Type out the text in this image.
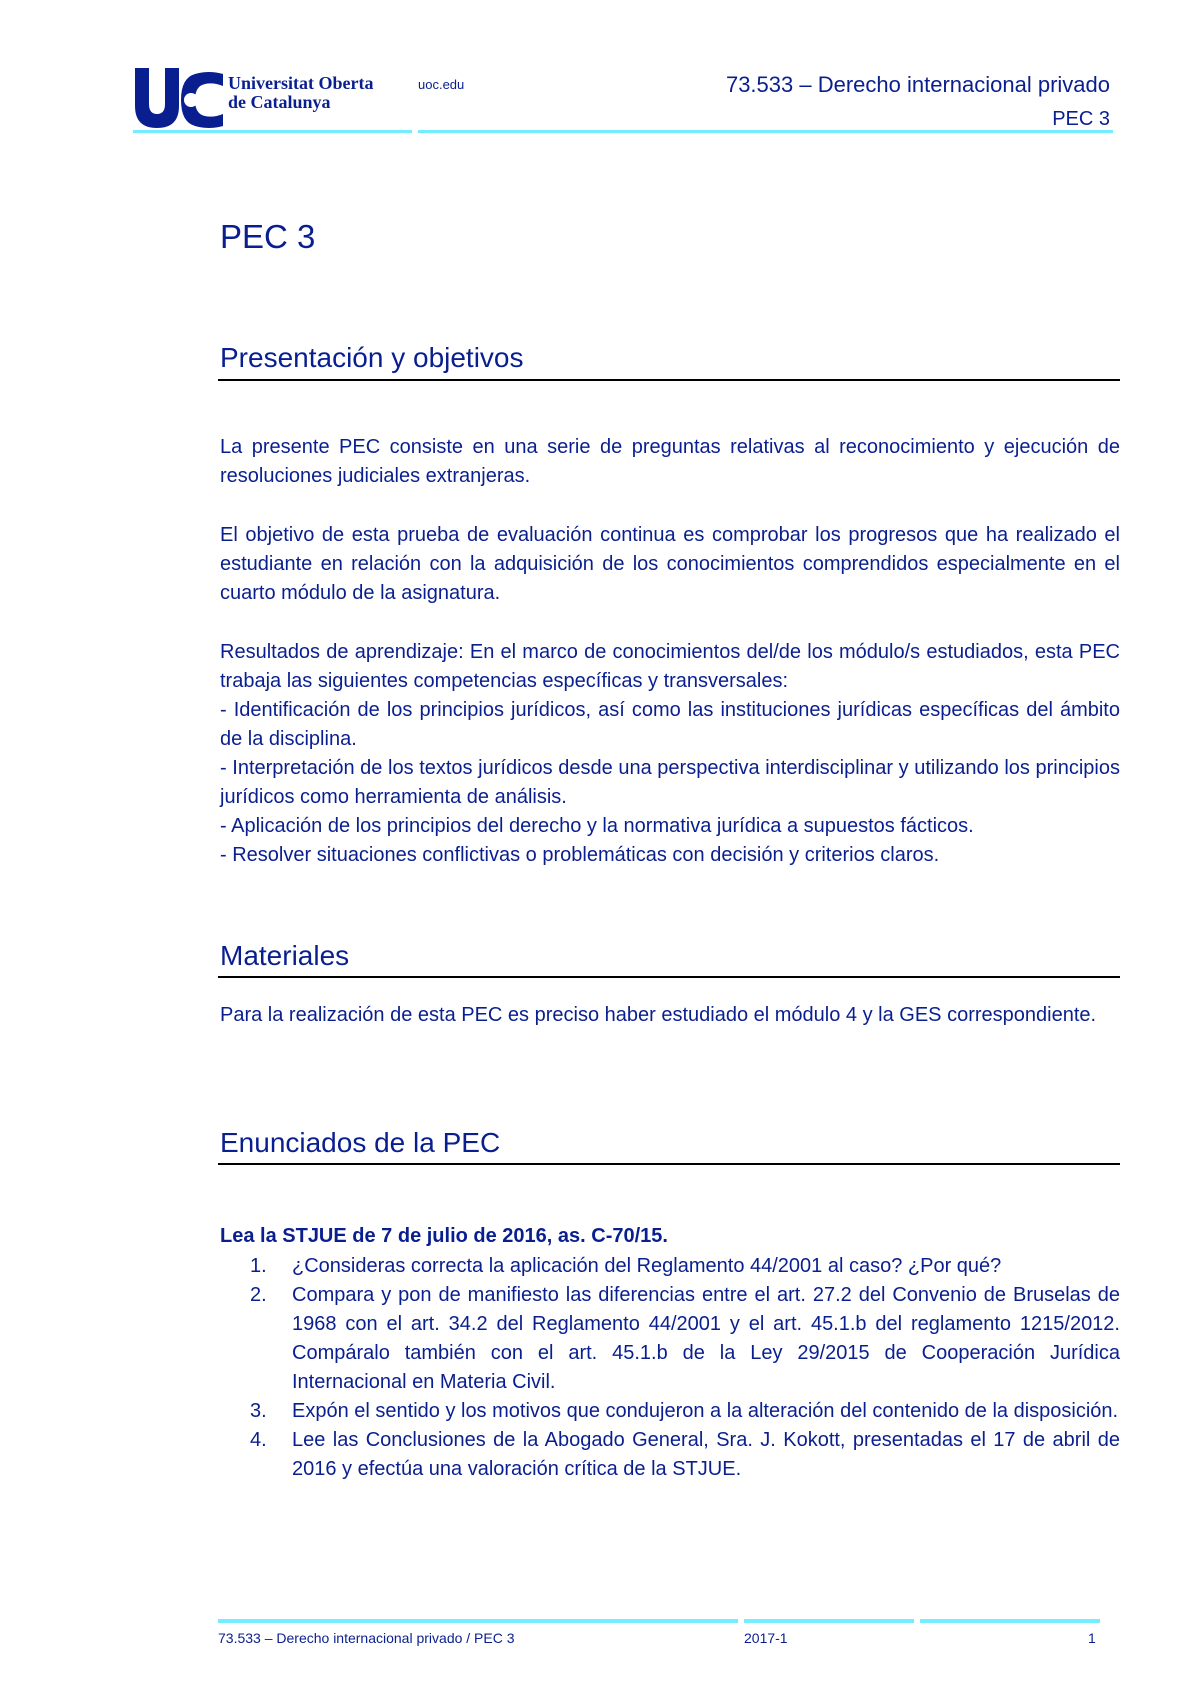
Universitat Oberta
de Catalunya
uoc.edu	73.533 – Derecho internacional privado
PEC 3
PEC 3
Presentación y objetivos
La presente PEC consiste en una serie de preguntas relativas al reconocimiento y ejecución de resoluciones judiciales extranjeras.
El objetivo de esta prueba de evaluación continua es comprobar los progresos que ha realizado el estudiante en relación con la adquisición de los conocimientos comprendidos especialmente en el cuarto módulo de la asignatura.
Resultados de aprendizaje: En el marco de conocimientos del/de los módulo/s estudiados, esta PEC trabaja las siguientes competencias específicas y transversales:
- Identificación de los principios jurídicos, así como las instituciones jurídicas específicas del ámbito de la disciplina.
- Interpretación de los textos jurídicos desde una perspectiva interdisciplinar y utilizando los principios jurídicos como herramienta de análisis.
- Aplicación de los principios del derecho y la normativa jurídica a supuestos fácticos.
- Resolver situaciones conflictivas o problemáticas con decisión y criterios claros.
Materiales
Para la realización de esta PEC es preciso haber estudiado el módulo 4 y la GES correspondiente.
Enunciados de la PEC
Lea la STJUE de 7 de julio de 2016, as. C-70/15.
1. ¿Consideras correcta la aplicación del Reglamento 44/2001 al caso? ¿Por qué?
2. Compara y pon de manifiesto las diferencias entre el art. 27.2 del Convenio de Bruselas de 1968 con el art. 34.2 del Reglamento 44/2001 y el art. 45.1.b del reglamento 1215/2012. Compáralo también con el art. 45.1.b de la Ley 29/2015 de Cooperación Jurídica Internacional en Materia Civil.
3. Expón el sentido y los motivos que condujeron a la alteración del contenido de la disposición.
4. Lee las Conclusiones de la Abogado General, Sra. J. Kokott, presentadas el 17 de abril de 2016 y efectúa una valoración crítica de la STJUE.
73.533 – Derecho internacional privado / PEC 3	2017-1	1
